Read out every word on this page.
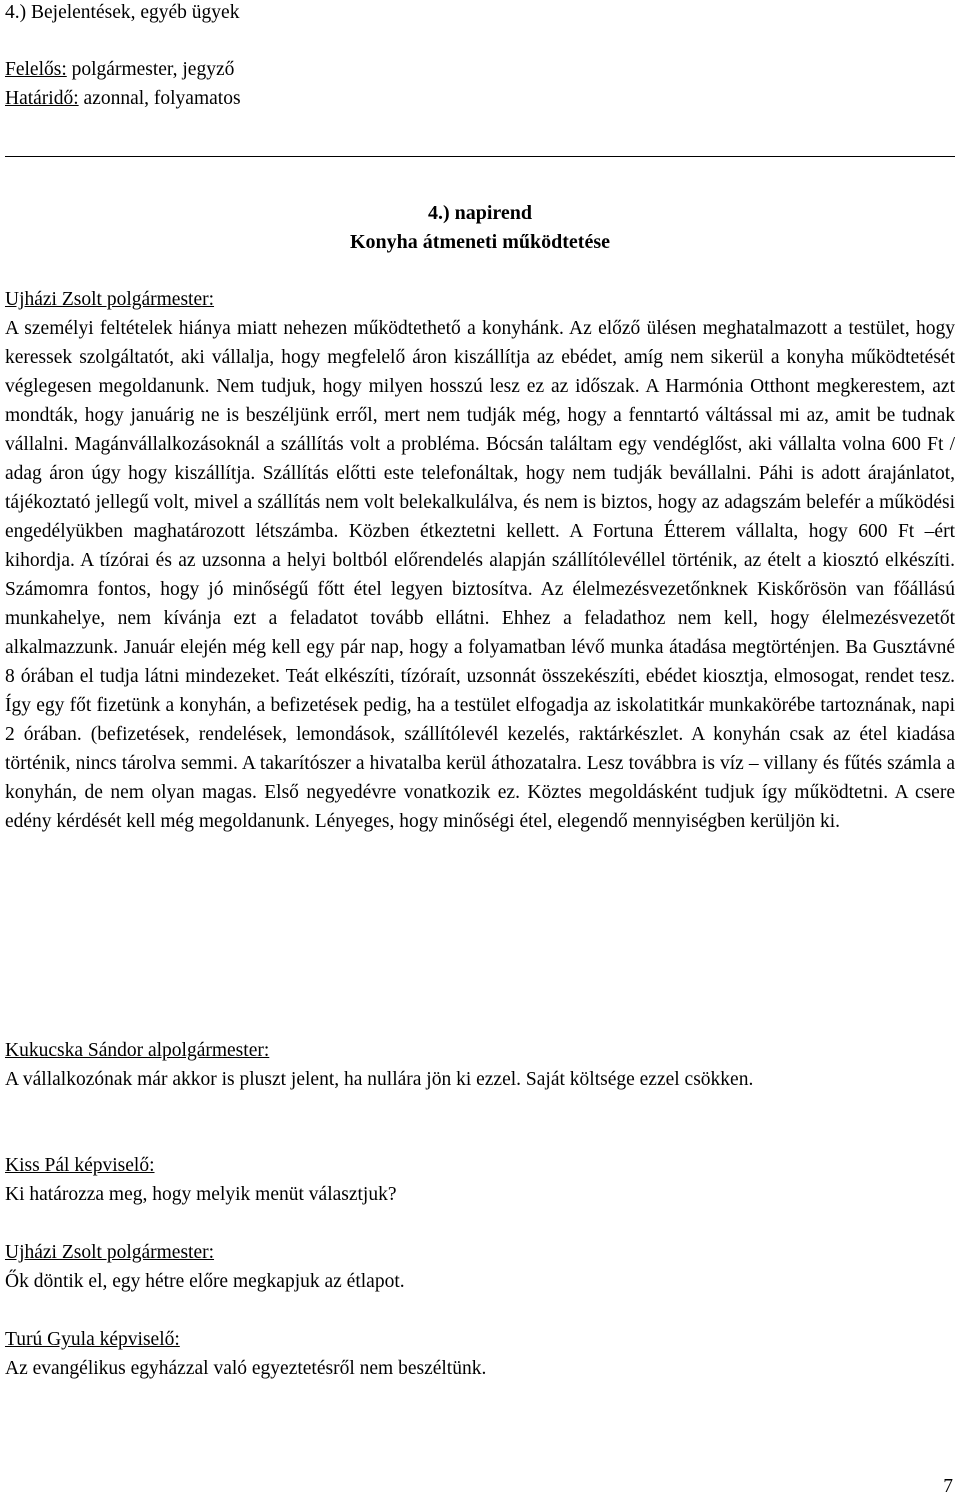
4.) Bejelentések, egyéb ügyek
Felelős: polgármester, jegyző
Határidő: azonnal, folyamatos
4.) napirend
Konyha átmeneti működtetése
Ujházi Zsolt polgármester:
A személyi feltételek hiánya miatt nehezen működtethető a konyhánk. Az előző ülésen meghatalmazott a testület, hogy keressek szolgáltatót, aki vállalja, hogy megfelelő áron kiszállítja az ebédet, amíg nem sikerül a konyha működtetését véglegesen megoldanunk. Nem tudjuk, hogy milyen hosszú lesz ez az időszak. A Harmónia Otthont megkerestem, azt mondták, hogy januárig ne is beszéljünk erről, mert nem tudják még, hogy a fenntartó váltással mi az, amit be tudnak vállalni. Magánvállalkozásoknál a szállítás volt a probléma. Bócsán találtam egy vendéglőst, aki vállalta volna 600 Ft / adag áron úgy hogy kiszállítja. Szállítás előtti este telefonáltak, hogy nem tudják bevállalni. Páhi is adott árajánlatot, tájékoztató jellegű volt, mivel a szállítás nem volt belekalkulálva, és nem is biztos, hogy az adagszám belefér a működési engedélyükben maghatározott létszámba. Közben étkeztetni kellett. A Fortuna Étterem vállalta, hogy 600 Ft –ért kihordja. A tízórai és az uzsonna a helyi boltból előrendelés alapján szállítólevéllel történik, az ételt a kiosztó elkészíti. Számomra fontos, hogy jó minőségű főtt étel legyen biztosítva. Az élelmezésvezetőnknek Kiskőrösön van főállású munkahelye, nem kívánja ezt a feladatot tovább ellátni. Ehhez a feladathoz nem kell, hogy élelmezésvezetőt alkalmazzunk. Január elején még kell egy pár nap, hogy a folyamatban lévő munka átadása megtörténjen. Ba Gusztávné 8 órában el tudja látni mindezeket. Teát elkészíti, tízóraít, uzsonnát összekészíti, ebédet kiosztja, elmosogat, rendet tesz. Így egy főt fizetünk a konyhán, a befizetések pedig, ha a testület elfogadja az iskolatitkár munkakörébe tartoznának, napi 2 órában. (befizetések, rendelések, lemondások, szállítólevél kezelés, raktárkészlet. A konyhán csak az étel kiadása történik, nincs tárolva semmi. A takarítószer a hivatalba kerül áthozatalra. Lesz továbbra is víz – villany és fűtés számla a konyhán, de nem olyan magas. Első negyedévre vonatkozik ez. Köztes megoldásként tudjuk így működtetni. A csere edény kérdését kell még megoldanunk. Lényeges, hogy minőségi étel, elegendő mennyiségben kerüljön ki.
Kukucska Sándor alpolgármester:
A vállalkozónak már akkor is pluszt jelent, ha nullára jön ki ezzel. Saját költsége ezzel csökken.
Kiss Pál képviselő:
Ki határozza meg, hogy melyik menüt választjuk?
Ujházi Zsolt polgármester:
Ők döntik el, egy hétre előre megkapjuk az étlapot.
Turú Gyula képviselő:
Az evangélikus egyházzal való egyeztetésről nem beszéltünk.
7
